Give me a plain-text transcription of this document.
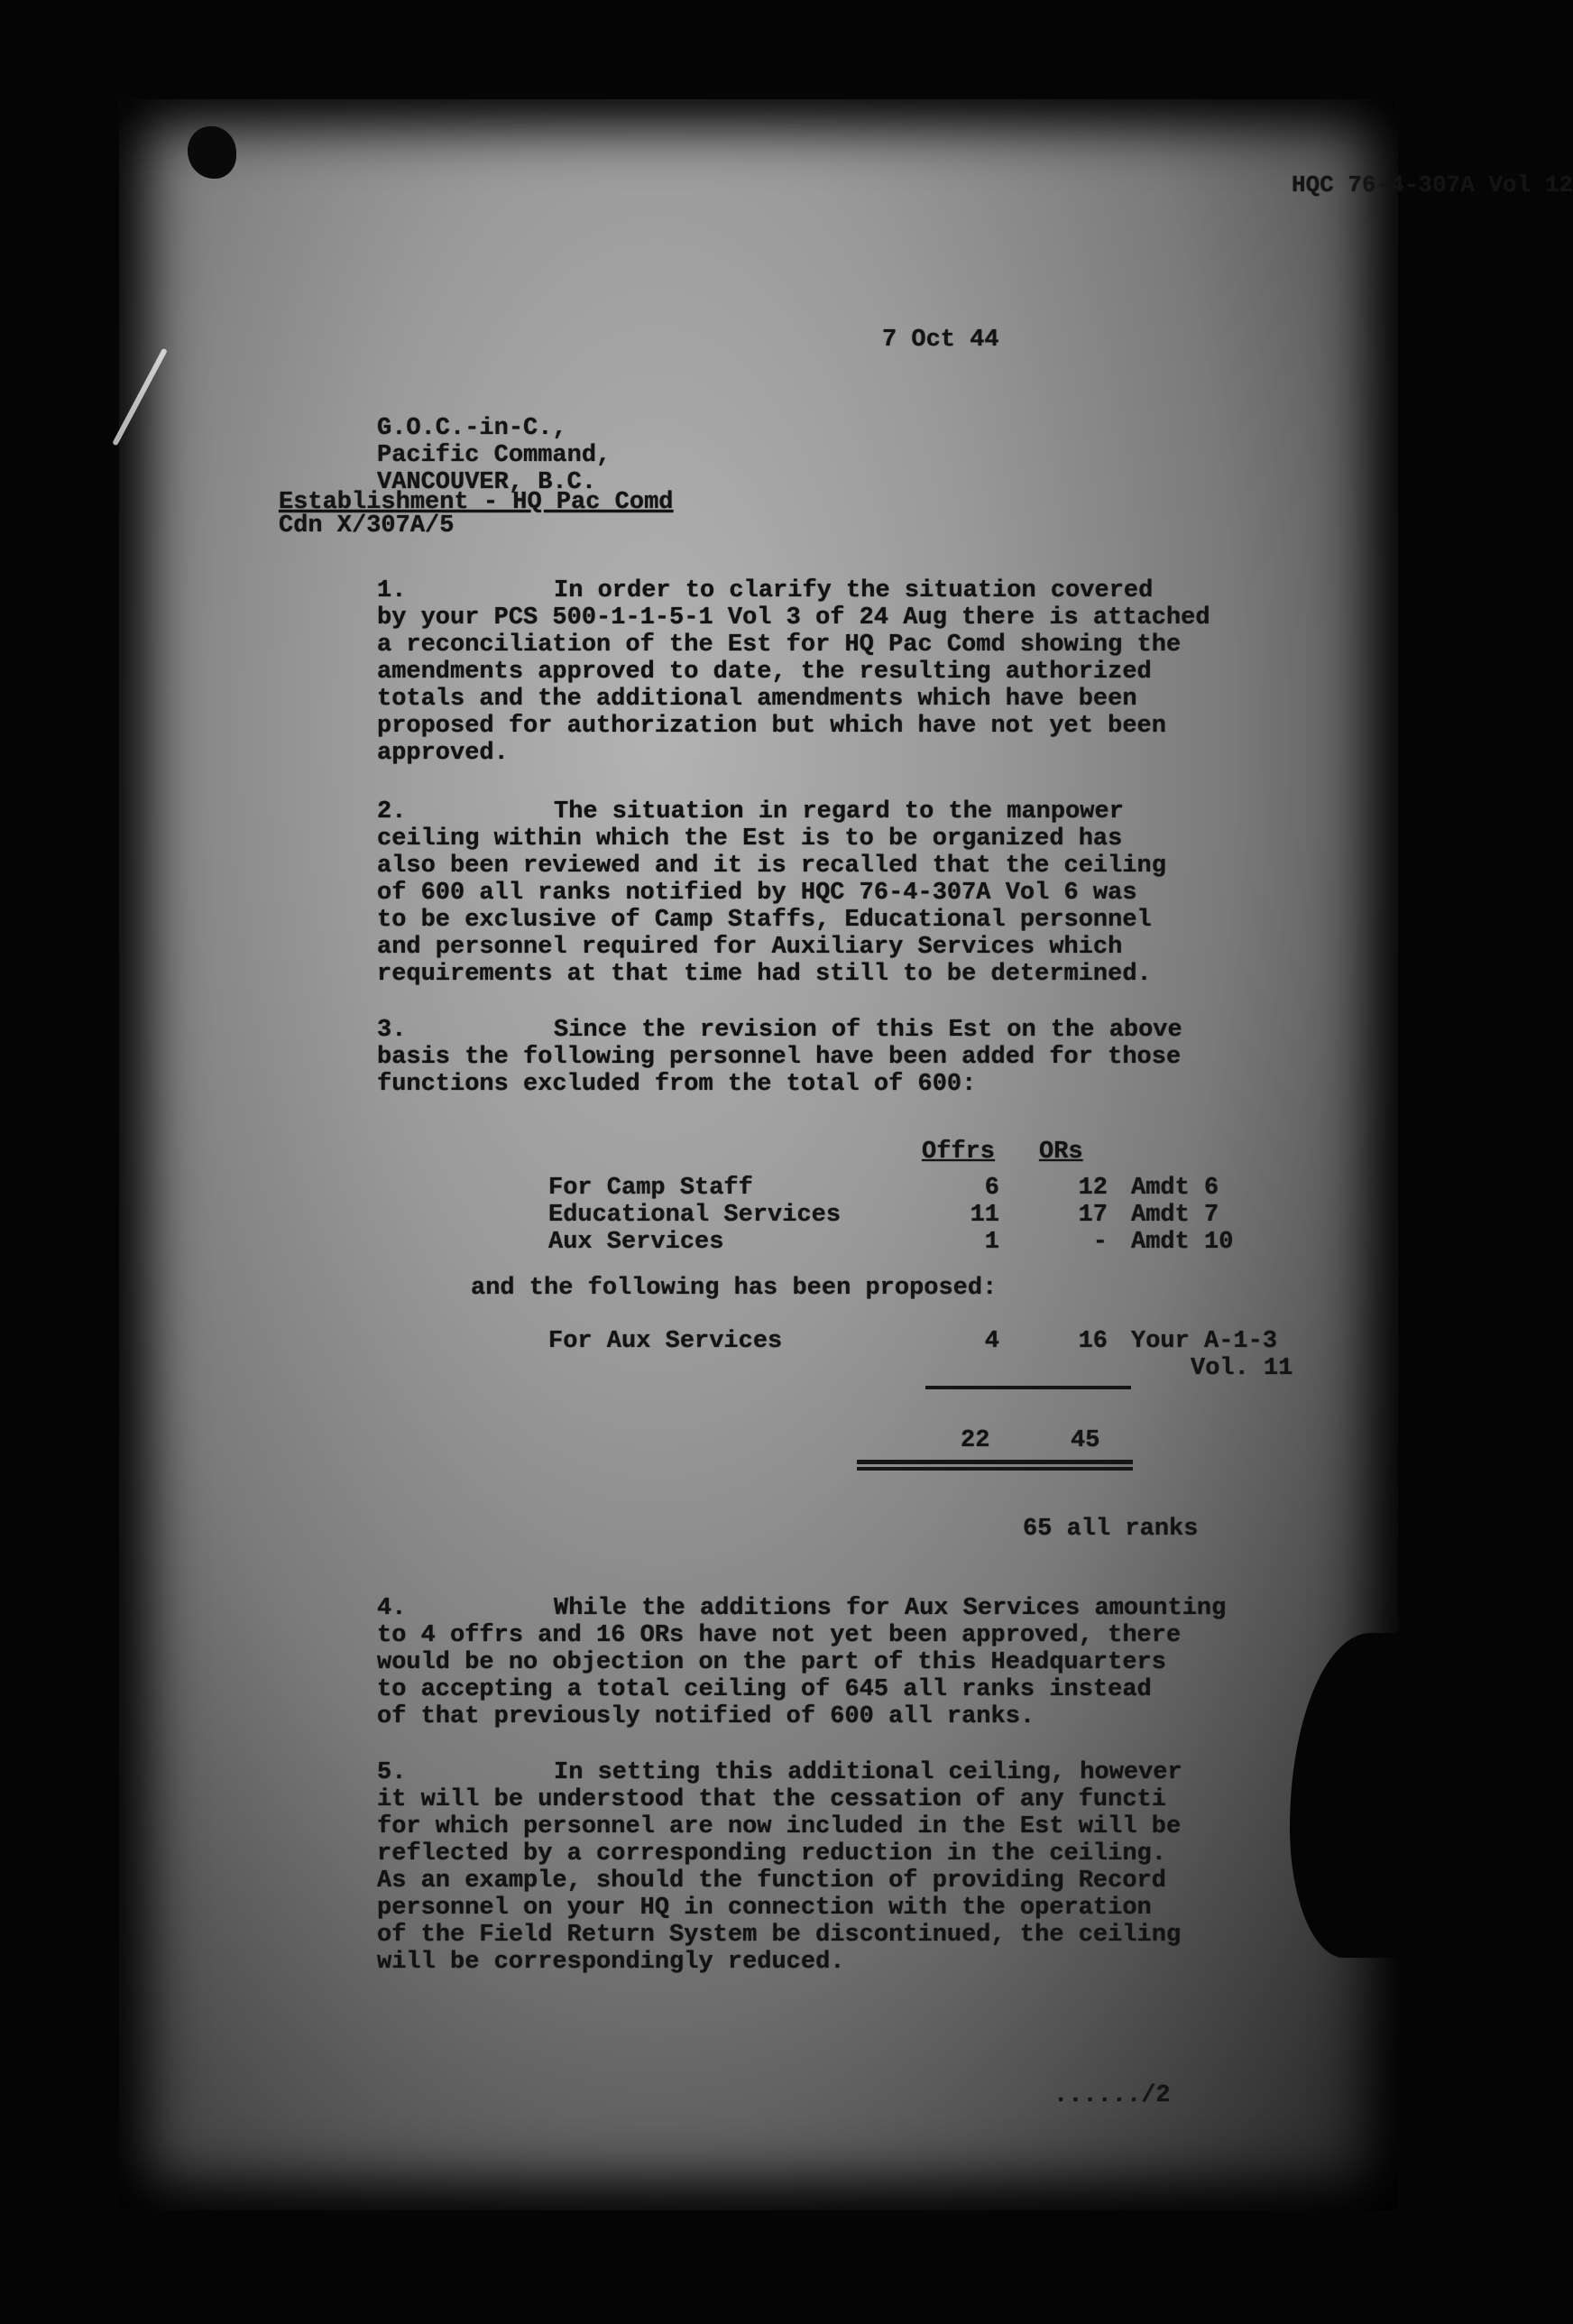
HQC 76-4-307A Vol 12

7 Oct 44

G.O.C.-in-C.,
Pacific Command,
VANCOUVER, B.C.

Establishment - HQ Pac Comd

Cdn X/307A/5

1.	In order to clarify the situation covered
by your PCS 500-1-1-5-1 Vol 3 of 24 Aug there is attached
a reconciliation of the Est for HQ Pac Comd showing the
amendments approved to date, the resulting authorized
totals and the additional amendments which have been
proposed for authorization but which have not yet been
approved.
2.	The situation in regard to the manpower
ceiling within which the Est is to be organized has
also been reviewed and it is recalled that the ceiling
of 600 all ranks notified by HQC 76-4-307A Vol 6 was
to be exclusive of Camp Staffs, Educational personnel
and personnel required for Auxiliary Services which
requirements at that time had still to be determined.
3.	Since the revision of this Est on the above
basis the following personnel have been added for those
functions excluded from the total of 600:

Offrs ORs

For Camp Staff	6	12 Amdt 6
Educational Services	11	17 Amdt 7
Aux Services	1	- Amdt 10

and the following has been proposed:

For Aux Services	4	16 Your A-1-3
Vol. 11

22	45

65 all ranks

4.	While the additions for Aux Services amounting
to 4 offrs and 16 ORs have not yet been approved, there
would be no objection on the part of this Headquarters
to accepting a total ceiling of 645 all ranks instead
of that previously notified of 600 all ranks.
5.	In setting this additional ceiling, however
it will be understood that the cessation of any functi
for which personnel are now included in the Est will be
reflected by a corresponding reduction in the ceiling.
As an example, should the function of providing Record
personnel on your HQ in connection with the operation
of the Field Return System be discontinued, the ceiling
will be correspondingly reduced.

....../2
